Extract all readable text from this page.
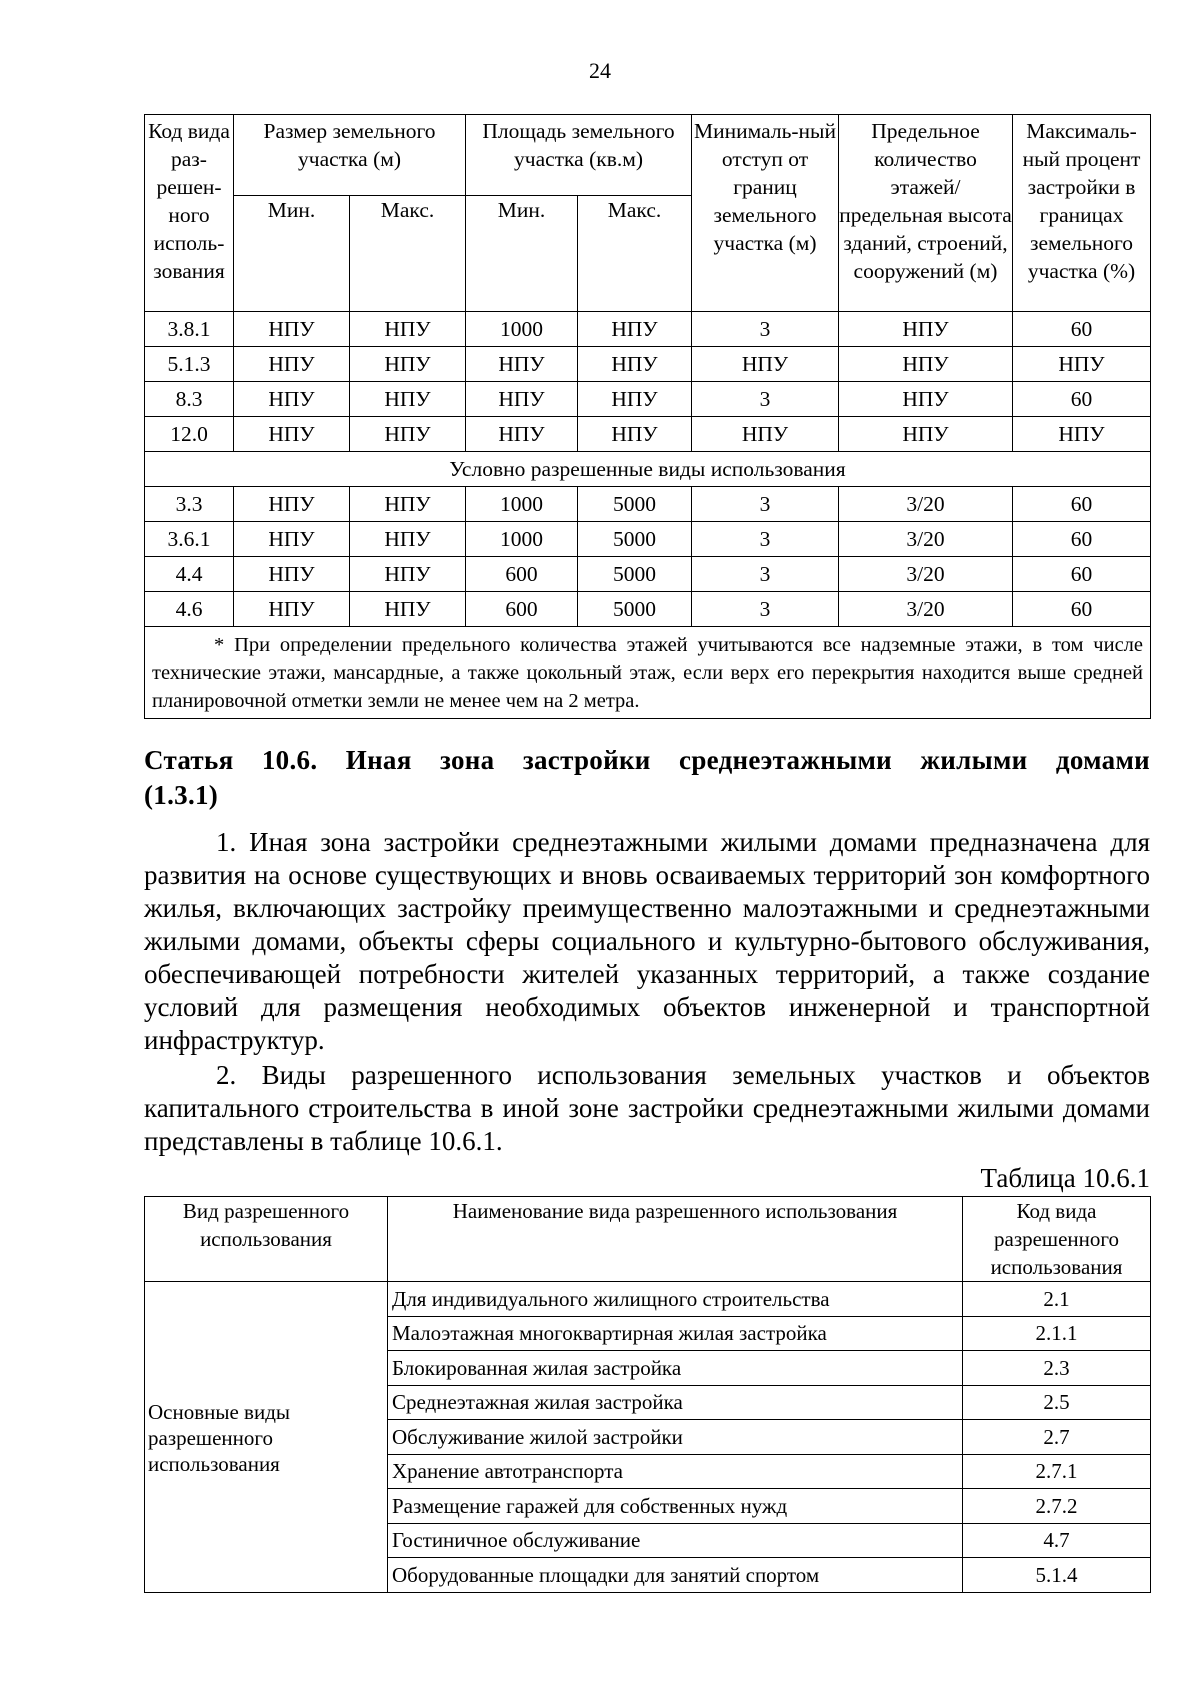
24
Код вида раз-решен-ного исполь-зования	Размер земельного участка (м)		Площадь земельного участка (кв.м)		Минималь-ный отступ от границ земельного участка (м)	Предельное количество этажей/ предельная высота зданий, строений, сооружений (м)	Максималь-ный процент застройки в границах земельного участка (%)
	Мин.	Макс.	Мин.	Макс.			
3.8.1	НПУ	НПУ	1000	НПУ	3	НПУ	60
5.1.3	НПУ	НПУ	НПУ	НПУ	НПУ	НПУ	НПУ
8.3	НПУ	НПУ	НПУ	НПУ	3	НПУ	60
12.0	НПУ	НПУ	НПУ	НПУ	НПУ	НПУ	НПУ
Условно разрешенные виды использования							
3.3	НПУ	НПУ	1000	5000	3	3/20	60
3.6.1	НПУ	НПУ	1000	5000	3	3/20	60
4.4	НПУ	НПУ	600	5000	3	3/20	60
4.6	НПУ	НПУ	600	5000	3	3/20	60
* При определении предельного количества этажей учитываются все надземные этажи, в том числе технические этажи, мансардные, а также цокольный этаж, если верх его перекрытия находится выше средней планировочной отметки земли не менее чем на 2 метра.							
Статья 10.6. Иная зона застройки среднеэтажными жилыми домами
(1.3.1)
1. Иная зона застройки среднеэтажными жилыми домами предназначена для развития на основе существующих и вновь осваиваемых территорий зон комфортного жилья, включающих застройку преимущественно малоэтажными и среднеэтажными жилыми домами, объекты сферы социального и культурно-бытового обслуживания, обеспечивающей потребности жителей указанных территорий, а также создание условий для размещения необходимых объектов инженерной и транспортной инфраструктур.
2. Виды разрешенного использования земельных участков и объектов капитального строительства в иной зоне застройки среднеэтажными жилыми домами представлены в таблице 10.6.1.
Таблица 10.6.1
Вид разрешенного использования	Наименование вида разрешенного использования	Код вида разрешенного использования
Основные виды разрешенного использования	Для индивидуального жилищного строительства	2.1
	Малоэтажная многоквартирная жилая застройка	2.1.1
	Блокированная жилая застройка	2.3
	Среднеэтажная жилая застройка	2.5
	Обслуживание жилой застройки	2.7
	Хранение автотранспорта	2.7.1
	Размещение гаражей для собственных нужд	2.7.2
	Гостиничное обслуживание	4.7
	Оборудованные площадки для занятий спортом	5.1.4
